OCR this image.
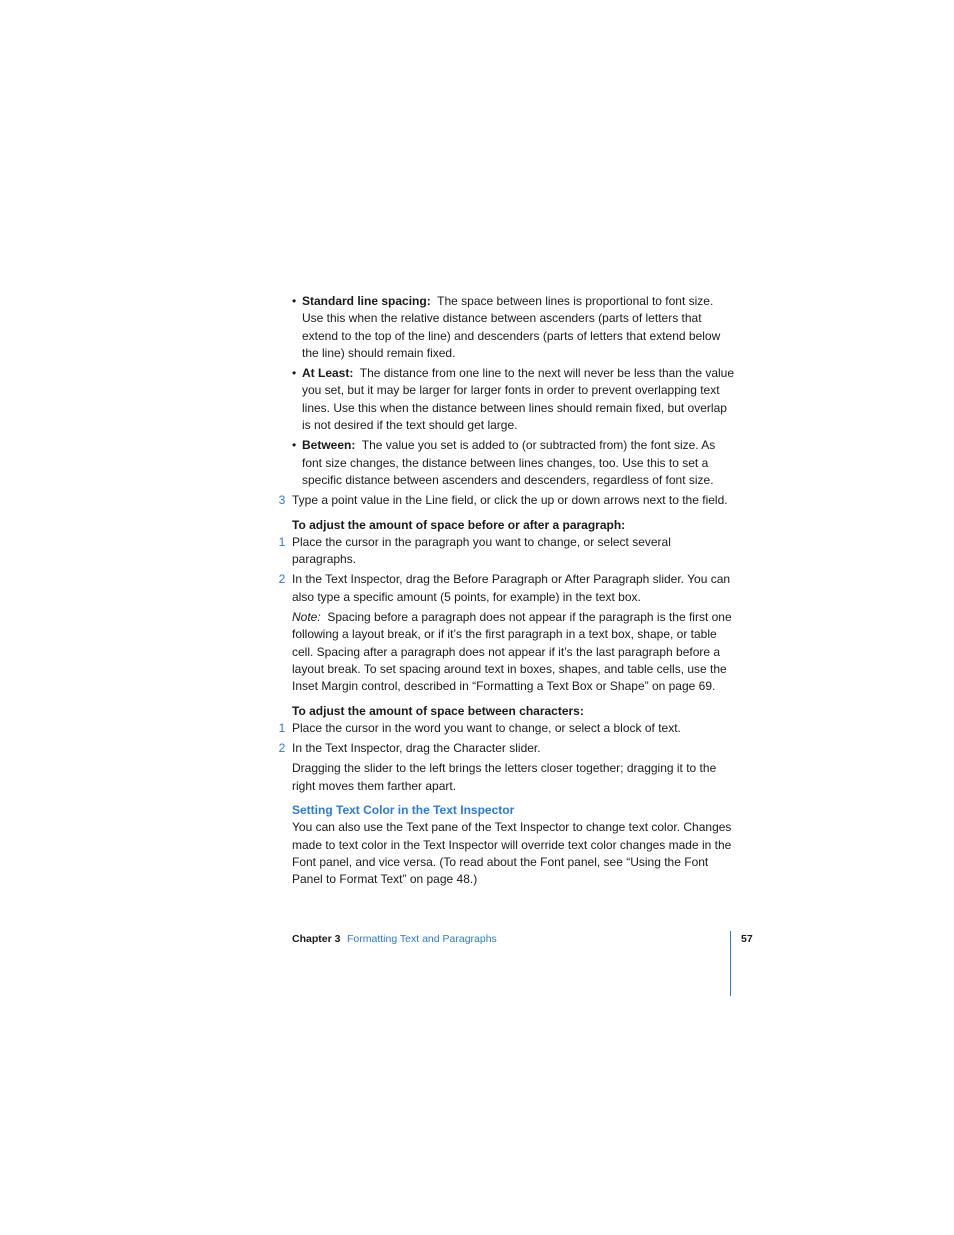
• Standard line spacing: The space between lines is proportional to font size. Use this when the relative distance between ascenders (parts of letters that extend to the top of the line) and descenders (parts of letters that extend below the line) should remain fixed.
• At Least: The distance from one line to the next will never be less than the value you set, but it may be larger for larger fonts in order to prevent overlapping text lines. Use this when the distance between lines should remain fixed, but overlap is not desired if the text should get large.
• Between: The value you set is added to (or subtracted from) the font size. As font size changes, the distance between lines changes, too. Use this to set a specific distance between ascenders and descenders, regardless of font size.
3 Type a point value in the Line field, or click the up or down arrows next to the field.
To adjust the amount of space before or after a paragraph:
1 Place the cursor in the paragraph you want to change, or select several paragraphs.
2 In the Text Inspector, drag the Before Paragraph or After Paragraph slider. You can also type a specific amount (5 points, for example) in the text box.
Note: Spacing before a paragraph does not appear if the paragraph is the first one following a layout break, or if it’s the first paragraph in a text box, shape, or table cell. Spacing after a paragraph does not appear if it’s the last paragraph before a layout break. To set spacing around text in boxes, shapes, and table cells, use the Inset Margin control, described in “Formatting a Text Box or Shape” on page 69.
To adjust the amount of space between characters:
1 Place the cursor in the word you want to change, or select a block of text.
2 In the Text Inspector, drag the Character slider.
Dragging the slider to the left brings the letters closer together; dragging it to the right moves them farther apart.
Setting Text Color in the Text Inspector
You can also use the Text pane of the Text Inspector to change text color. Changes made to text color in the Text Inspector will override text color changes made in the Font panel, and vice versa. (To read about the Font panel, see “Using the Font Panel to Format Text” on page 48.)
Chapter 3 Formatting Text and Paragraphs	57
